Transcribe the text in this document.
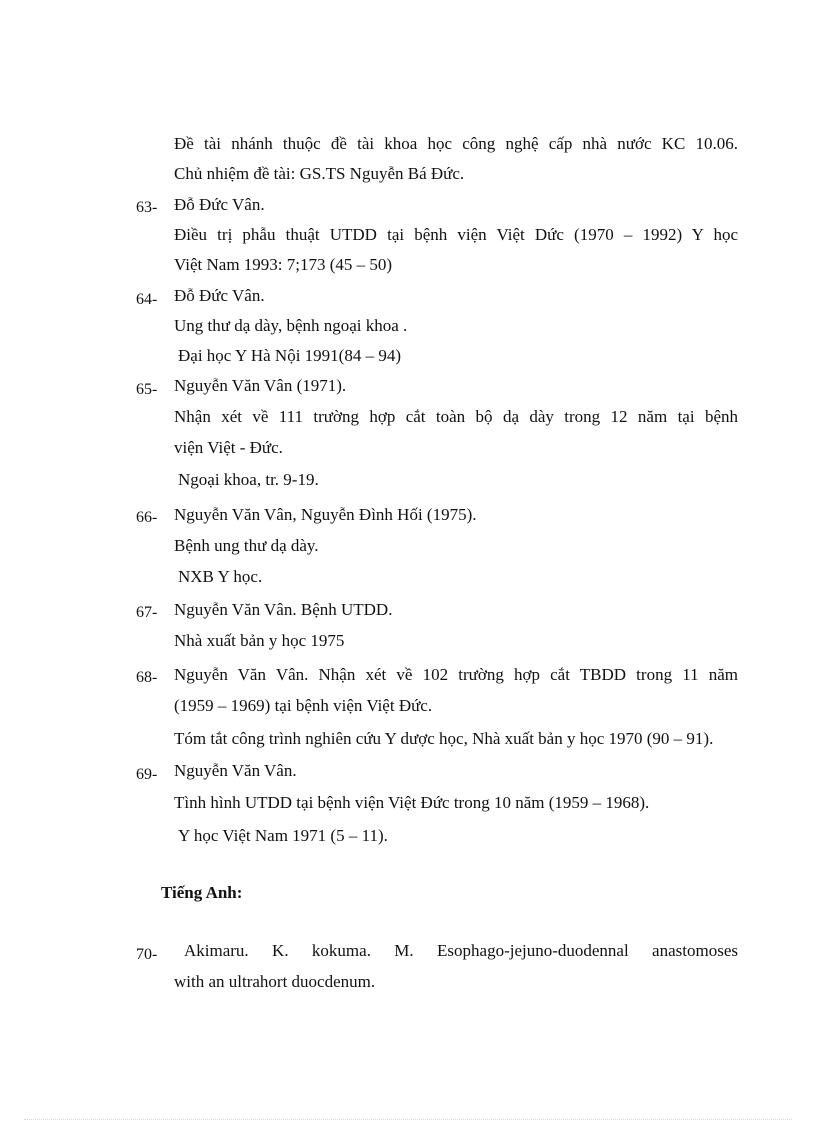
Đề tài nhánh thuộc đề tài khoa học công nghệ cấp nhà nước KC 10.06.
Chủ nhiệm đề tài: GS.TS Nguyễn Bá Đức.
63- Đỗ Đức Vân.
Điều trị phẫu thuật UTDD tại bệnh viện Việt Dức (1970 – 1992) Y học
Việt Nam 1993: 7;173 (45 – 50)
64- Đỗ Đức Vân.
Ung thư dạ dày, bệnh ngoại khoa .
Đại học Y Hà Nội 1991(84 – 94)
65- Nguyễn Văn Vân (1971).
Nhận xét về 111 trường hợp cắt toàn bộ dạ dày trong 12 năm tại bệnh
viện Việt - Đức.
Ngoại khoa, tr. 9-19.
66- Nguyễn Văn Vân, Nguyễn Đình Hối (1975).
Bệnh ung thư dạ dày.
NXB Y học.
67- Nguyễn Văn Vân. Bệnh UTDD.
Nhà xuất bản y học 1975
68- Nguyễn Văn Vân. Nhận xét về 102 trường hợp cắt TBDD trong 11 năm
(1959 – 1969) tại bệnh viện Việt Đức.
Tóm tắt công trình nghiên cứu Y dược học, Nhà xuất bản y học 1970 (90 – 91).
69- Nguyễn Văn Vân.
Tình hình UTDD tại bệnh viện Việt Đức trong 10 năm (1959 – 1968).
Y học Việt Nam 1971 (5 – 11).
Tiếng Anh:
70- Akimaru. K. kokuma. M. Esophago-jejuno-duodennal anastomoses
with an ultrahort duocdenum.
